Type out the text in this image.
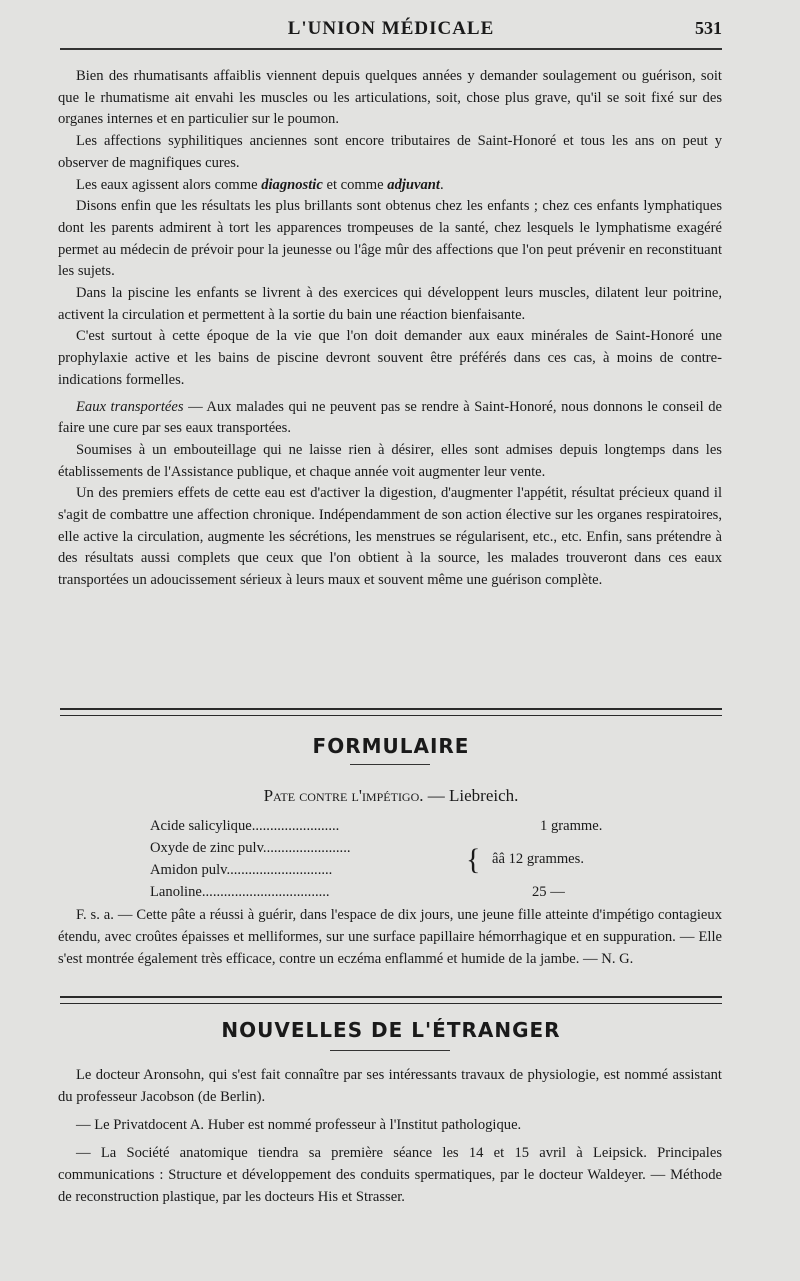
L'UNION MÉDICALE	531

Bien des rhumatisants affaiblis viennent depuis quelques années y demander soulagement ou guérison, soit que le rhumatisme ait envahi les muscles ou les articulations, soit, chose plus grave, qu'il se soit fixé sur des organes internes et en particulier sur le poumon.

Les affections syphilitiques anciennes sont encore tributaires de Saint-Honoré et tous les ans on peut y observer de magnifiques cures.

Les eaux agissent alors comme diagnostic et comme adjuvant.

Disons enfin que les résultats les plus brillants sont obtenus chez les enfants ; chez ces enfants lymphatiques dont les parents admirent à tort les apparences trompeuses de la santé, chez lesquels le lymphatisme exagéré permet au médecin de prévoir pour la jeunesse ou l'âge mûr des affections que l'on peut prévenir en reconstituant les sujets.

Dans la piscine les enfants se livrent à des exercices qui développent leurs muscles, dilatent leur poitrine, activent la circulation et permettent à la sortie du bain une réaction bienfaisante.

C'est surtout à cette époque de la vie que l'on doit demander aux eaux minérales de Saint-Honoré une prophylaxie active et les bains de piscine devront souvent être préférés dans ces cas, à moins de contre-indications formelles.

Eaux transportées — Aux malades qui ne peuvent pas se rendre à Saint-Honoré, nous donnons le conseil de faire une cure par ses eaux transportées.

Soumises à un embouteillage qui ne laisse rien à désirer, elles sont admises depuis longtemps dans les établissements de l'Assistance publique, et chaque année voit augmenter leur vente.

Un des premiers effets de cette eau est d'activer la digestion, d'augmenter l'appétit, résultat précieux quand il s'agit de combattre une affection chronique. Indépendamment de son action élective sur les organes respiratoires, elle active la circulation, augmente les sécrétions, les menstrues se régularisent, etc., etc. Enfin, sans prétendre à des résultats aussi complets que ceux que l'on obtient à la source, les malades trouveront dans ces eaux transportées un adoucissement sérieux à leurs maux et souvent même une guérison complète.

FORMULAIRE
Pate contre l'impétigo. — Liebreich.
Acide salicylique........................	1 gramme.
Oxyde de zinc pulv........................
Amidon pulv.............................	{ ââ 12 grammes.
Lanoline...................................	25 —

F. s. a. — Cette pâte a réussi à guérir, dans l'espace de dix jours, une jeune fille atteinte d'impétigo contagieux étendu, avec croûtes épaisses et melliformes, sur une surface papillaire hémorrhagique et en suppuration. — Elle s'est montrée également très efficace, contre un eczéma enflammé et humide de la jambe. — N. G.

NOUVELLES DE L'ÉTRANGER

Le docteur Aronsohn, qui s'est fait connaître par ses intéressants travaux de physiologie, est nommé assistant du professeur Jacobson (de Berlin).

— Le Privatdocent A. Huber est nommé professeur à l'Institut pathologique.

— La Société anatomique tiendra sa première séance les 14 et 15 avril à Leipsick. Principales communications : Structure et développement des conduits spermatiques, par le docteur Waldeyer. — Méthode de reconstruction plastique, par les docteurs His et Strasser.
